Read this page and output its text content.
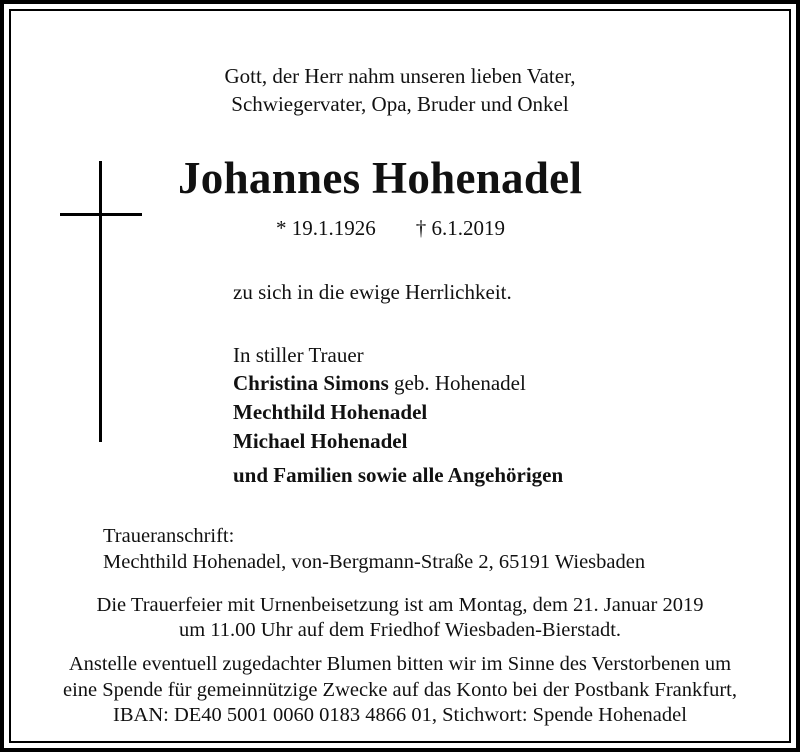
Gott, der Herr nahm unseren lieben Vater,
Schwiegervater, Opa, Bruder und Onkel
Johannes Hohenadel
* 19.1.1926 † 6.1.2019
zu sich in die ewige Herrlichkeit.
In stiller Trauer
Christina Simons geb. Hohenadel
Mechthild Hohenadel
Michael Hohenadel
und Familien sowie alle Angehörigen
Traueranschrift:
Mechthild Hohenadel, von-Bergmann-Straße 2, 65191 Wiesbaden
Die Trauerfeier mit Urnenbeisetzung ist am Montag, dem 21. Januar 2019
um 11.00 Uhr auf dem Friedhof Wiesbaden-Bierstadt.
Anstelle eventuell zugedachter Blumen bitten wir im Sinne des Verstorbenen um
eine Spende für gemeinnützige Zwecke auf das Konto bei der Postbank Frankfurt,
IBAN: DE40 5001 0060 0183 4866 01, Stichwort: Spende Hohenadel
